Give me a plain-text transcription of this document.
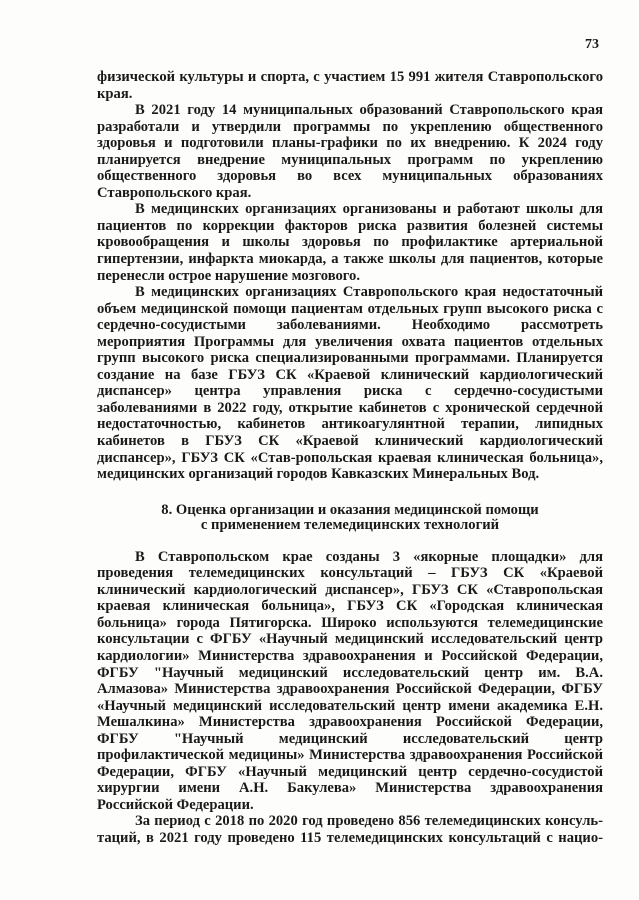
73

физической культуры и спорта, с участием 15 991 жителя Ставропольского края.

В 2021 году 14 муниципальных образований Ставропольского края разработали и утвердили программы по укреплению общественного здоровья и подготовили планы-графики по их внедрению. К 2024 году планируется внедрение муниципальных программ по укреплению общественного здоровья во всех муниципальных образованиях Ставропольского края.

В медицинских организациях организованы и работают школы для пациентов по коррекции факторов риска развития болезней системы кровообращения и школы здоровья по профилактике артериальной гипертензии, инфаркта миокарда, а также школы для пациентов, которые перенесли острое нарушение мозгового.

В медицинских организациях Ставропольского края недостаточный объем медицинской помощи пациентам отдельных групп высокого риска с сердечно-сосудистыми заболеваниями. Необходимо рассмотреть мероприятия Программы для увеличения охвата пациентов отдельных групп высокого риска специализированными программами. Планируется создание на базе ГБУЗ СК «Краевой клинический кардиологический диспансер» центра управления риска с сердечно-сосудистыми заболеваниями в 2022 году, открытие кабинетов с хронической сердечной недостаточностью, кабинетов антикоагулянтной терапии, липидных кабинетов в ГБУЗ СК «Краевой клинический кардиологический диспансер», ГБУЗ СК «Став-ропольская краевая клиническая больница», медицинских организаций городов Кавказских Минеральных Вод.

8. Оценка организации и оказания медицинской помощи
с применением телемедицинских технологий

В Ставропольском крае созданы 3 «якорные площадки» для проведения телемедицинских консультаций – ГБУЗ СК «Краевой клинический кардиологический диспансер», ГБУЗ СК «Ставропольская краевая клиническая больница», ГБУЗ СК «Городская клиническая больница» города Пятигорска. Широко используются телемедицинские консультации с ФГБУ «Научный медицинский исследовательский центр кардиологии» Министерства здравоохранения и Российской Федерации, ФГБУ "Научный медицинский исследовательский центр им. В.А. Алмазова» Министерства здравоохранения Российской Федерации, ФГБУ «Научный медицинский исследовательский центр имени академика Е.Н. Мешалкина» Министерства здравоохранения Российской Федерации, ФГБУ "Научный медицинский исследовательский центр профилактической медицины» Министерства здравоохранения Российской Федерации, ФГБУ «Научный медицинский центр сердечно-сосудистой хирургии имени А.Н. Бакулева» Министерства здравоохранения Российской Федерации.

За период с 2018 по 2020 год проведено 856 телемедицинских консультаций, в 2021 году проведено 115 телемедицинских консультаций с нацио-
